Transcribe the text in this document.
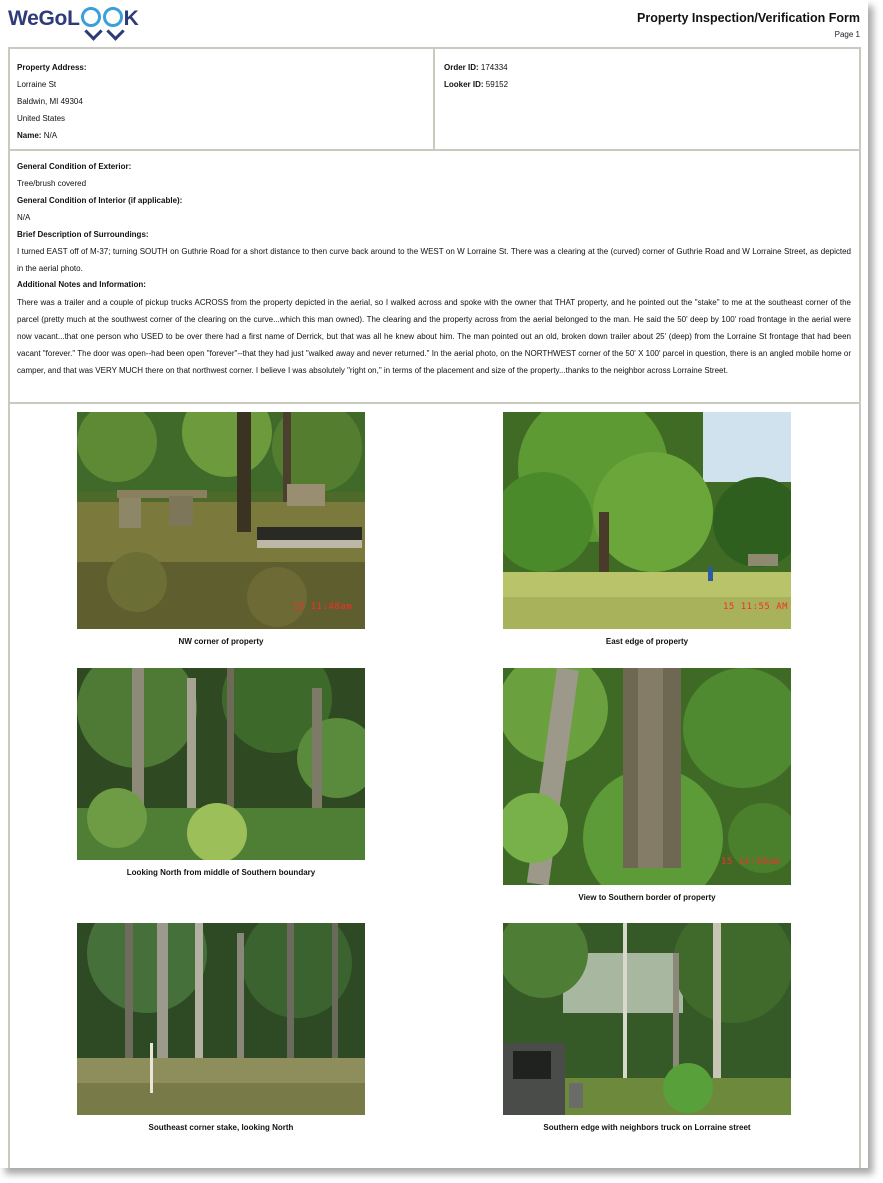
WeGoL K	Property Inspection/Verification Form
Page 1
Property Address:
Lorraine St
Baldwin, MI 49304
United States
Name: N/A
Order ID: 174334
Looker ID: 59152
General Condition of Exterior:
Tree/brush covered
General Condition of Interior (if applicable):
N/A
Brief Description of Surroundings:
I turned EAST off of M-37; turning SOUTH on Guthrie Road for a short distance to then curve back around to the WEST on W Lorraine St. There was a clearing at the (curved) corner of Guthrie Road and W Lorraine Street, as depicted in the aerial photo.
Additional Notes and Information:
There was a trailer and a couple of pickup trucks ACROSS from the property depicted in the aerial, so I walked across and spoke with the owner that THAT property, and he pointed out the "stake" to me at the southeast corner of the parcel (pretty much at the southwest corner of the clearing on the curve...which this man owned). The clearing and the property across from the aerial belonged to the man. He said the 50' deep by 100' road frontage in the aerial were now vacant...that one person who USED to be over there had a first name of Derrick, but that was all he knew about him. The man pointed out an old, broken down trailer about 25' (deep) from the Lorraine St frontage that had been vacant "forever." The door was open--had been open "forever"--that they had just "walked away and never returned." In the aerial photo, on the NORTHWEST corner of the 50' X 100' parcel in question, there is an angled mobile home or camper, and that was VERY MUCH there on that northwest corner. I believe I was absolutely "right on," in terms of the placement and size of the property...thanks to the neighbor across Lorraine Street.
15 11:48am
NW corner of property
15 11:55 AM
East edge of property
Looking North from middle of Southern boundary
15 11:56am
View to Southern border of property
Southeast corner stake, looking North	Southern edge with neighbors truck on Lorraine street
